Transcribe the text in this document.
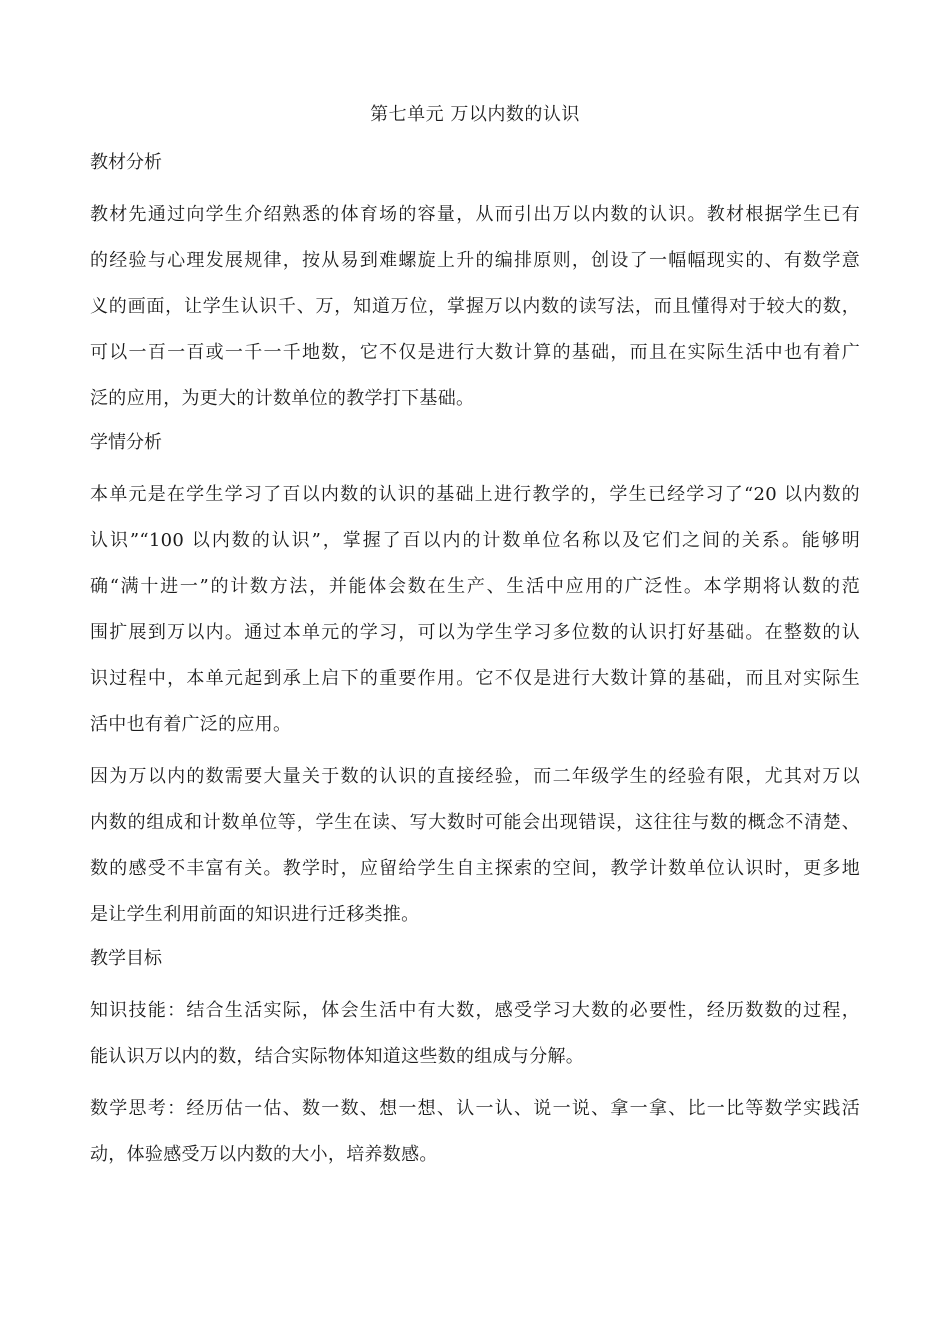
第七单元 万以内数的认识
教材分析
教材先通过向学生介绍熟悉的体育场的容量，从而引出万以内数的认识。教材根据学生已有
的经验与心理发展规律，按从易到难螺旋上升的编排原则，创设了一幅幅现实的、有数学意
义的画面，让学生认识千、万，知道万位，掌握万以内数的读写法，而且懂得对于较大的数，
可以一百一百或一千一千地数，它不仅是进行大数计算的基础，而且在实际生活中也有着广
泛的应用，为更大的计数单位的教学打下基础。
学情分析
本单元是在学生学习了百以内数的认识的基础上进行教学的，学生已经学习了“20 以内数的
认识”“100 以内数的认识”，掌握了百以内的计数单位名称以及它们之间的关系。能够明
确“满十进一”的计数方法，并能体会数在生产、生活中应用的广泛性。本学期将认数的范
围扩展到万以内。通过本单元的学习，可以为学生学习多位数的认识打好基础。在整数的认
识过程中，本单元起到承上启下的重要作用。它不仅是进行大数计算的基础，而且对实际生
活中也有着广泛的应用。
因为万以内的数需要大量关于数的认识的直接经验，而二年级学生的经验有限，尤其对万以
内数的组成和计数单位等，学生在读、写大数时可能会出现错误，这往往与数的概念不清楚、
数的感受不丰富有关。教学时，应留给学生自主探索的空间，教学计数单位认识时，更多地
是让学生利用前面的知识进行迁移类推。
教学目标
知识技能：结合生活实际，体会生活中有大数，感受学习大数的必要性，经历数数的过程，
能认识万以内的数，结合实际物体知道这些数的组成与分解。
数学思考：经历估一估、数一数、想一想、认一认、说一说、拿一拿、比一比等数学实践活
动，体验感受万以内数的大小，培养数感。
